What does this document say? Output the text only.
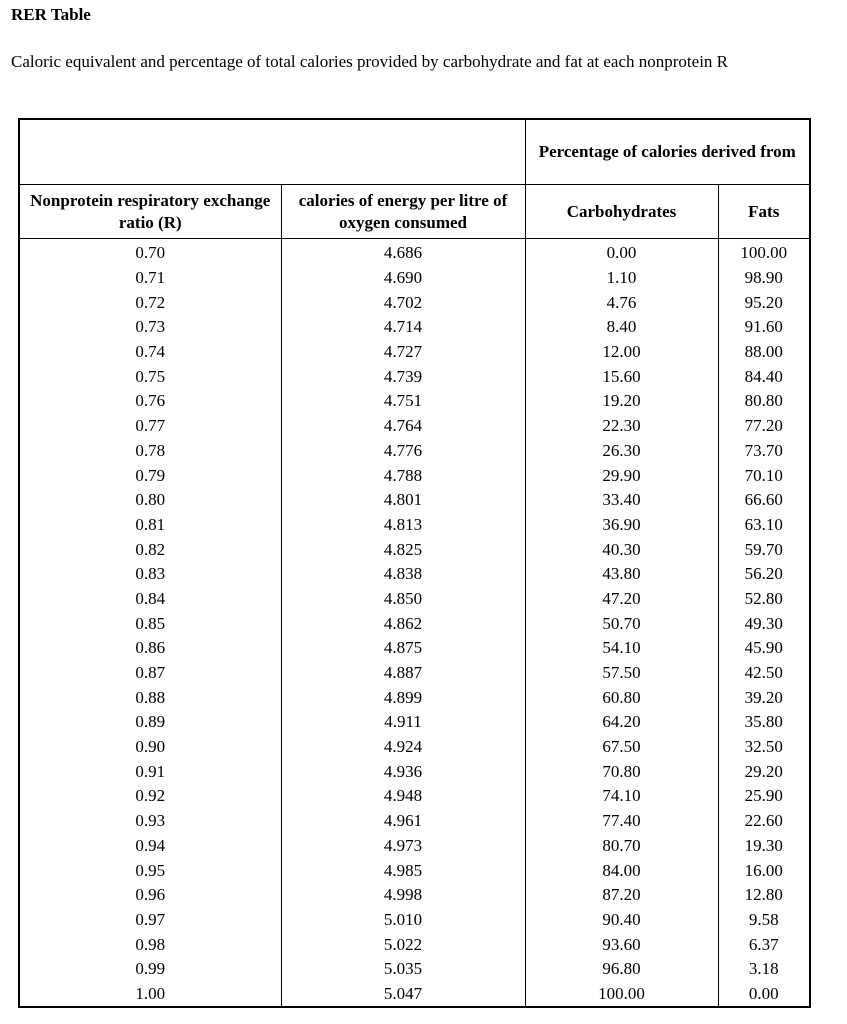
RER Table

Caloric equivalent and percentage of total calories provided by carbohydrate and fat at each nonprotein R

		Percentage of calories derived from	
Nonprotein respiratory exchange ratio (R)	calories of energy per litre of oxygen consumed	Carbohydrates	Fats
0.70	4.686	0.00	100.00
0.71	4.690	1.10	98.90
0.72	4.702	4.76	95.20
0.73	4.714	8.40	91.60
0.74	4.727	12.00	88.00
0.75	4.739	15.60	84.40
0.76	4.751	19.20	80.80
0.77	4.764	22.30	77.20
0.78	4.776	26.30	73.70
0.79	4.788	29.90	70.10
0.80	4.801	33.40	66.60
0.81	4.813	36.90	63.10
0.82	4.825	40.30	59.70
0.83	4.838	43.80	56.20
0.84	4.850	47.20	52.80
0.85	4.862	50.70	49.30
0.86	4.875	54.10	45.90
0.87	4.887	57.50	42.50
0.88	4.899	60.80	39.20
0.89	4.911	64.20	35.80
0.90	4.924	67.50	32.50
0.91	4.936	70.80	29.20
0.92	4.948	74.10	25.90
0.93	4.961	77.40	22.60
0.94	4.973	80.70	19.30
0.95	4.985	84.00	16.00
0.96	4.998	87.20	12.80
0.97	5.010	90.40	9.58
0.98	5.022	93.60	6.37
0.99	5.035	96.80	3.18
1.00	5.047	100.00	0.00
